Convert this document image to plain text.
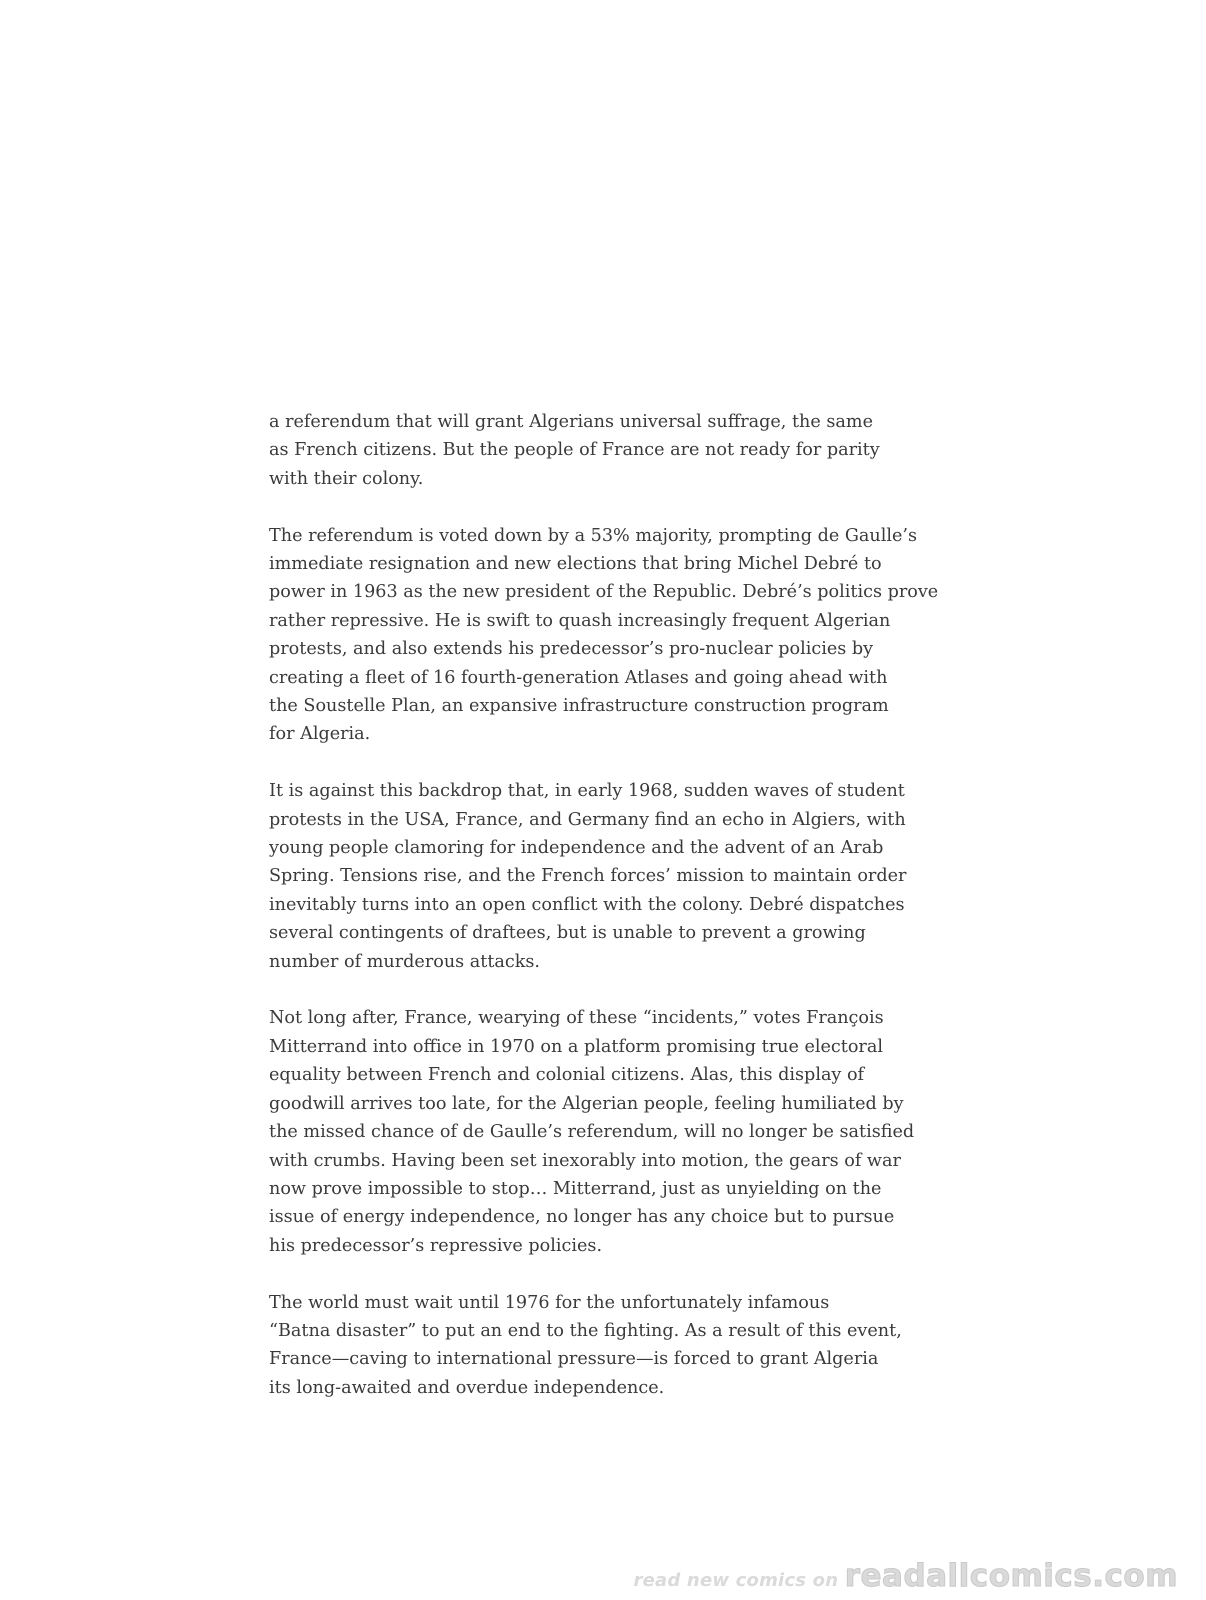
a referendum that will grant Algerians universal suffrage, the same
as French citizens. But the people of France are not ready for parity
with their colony.

The referendum is voted down by a 53% majority, prompting de Gaulle’s
immediate resignation and new elections that bring Michel Debré to
power in 1963 as the new president of the Republic. Debré’s politics prove
rather repressive. He is swift to quash increasingly frequent Algerian
protests, and also extends his predecessor’s pro-nuclear policies by
creating a fleet of 16 fourth-generation Atlases and going ahead with
the Soustelle Plan, an expansive infrastructure construction program
for Algeria.

It is against this backdrop that, in early 1968, sudden waves of student
protests in the USA, France, and Germany find an echo in Algiers, with
young people clamoring for independence and the advent of an Arab
Spring. Tensions rise, and the French forces’ mission to maintain order
inevitably turns into an open conflict with the colony. Debré dispatches
several contingents of draftees, but is unable to prevent a growing
number of murderous attacks.

Not long after, France, wearying of these “incidents,” votes François
Mitterrand into office in 1970 on a platform promising true electoral
equality between French and colonial citizens. Alas, this display of
goodwill arrives too late, for the Algerian people, feeling humiliated by
the missed chance of de Gaulle’s referendum, will no longer be satisfied
with crumbs. Having been set inexorably into motion, the gears of war
now prove impossible to stop… Mitterrand, just as unyielding on the
issue of energy independence, no longer has any choice but to pursue
his predecessor’s repressive policies.

The world must wait until 1976 for the unfortunately infamous
“Batna disaster” to put an end to the fighting. As a result of this event,
France—caving to international pressure—is forced to grant Algeria
its long-awaited and overdue independence.

read new comics on readallcomics.com
